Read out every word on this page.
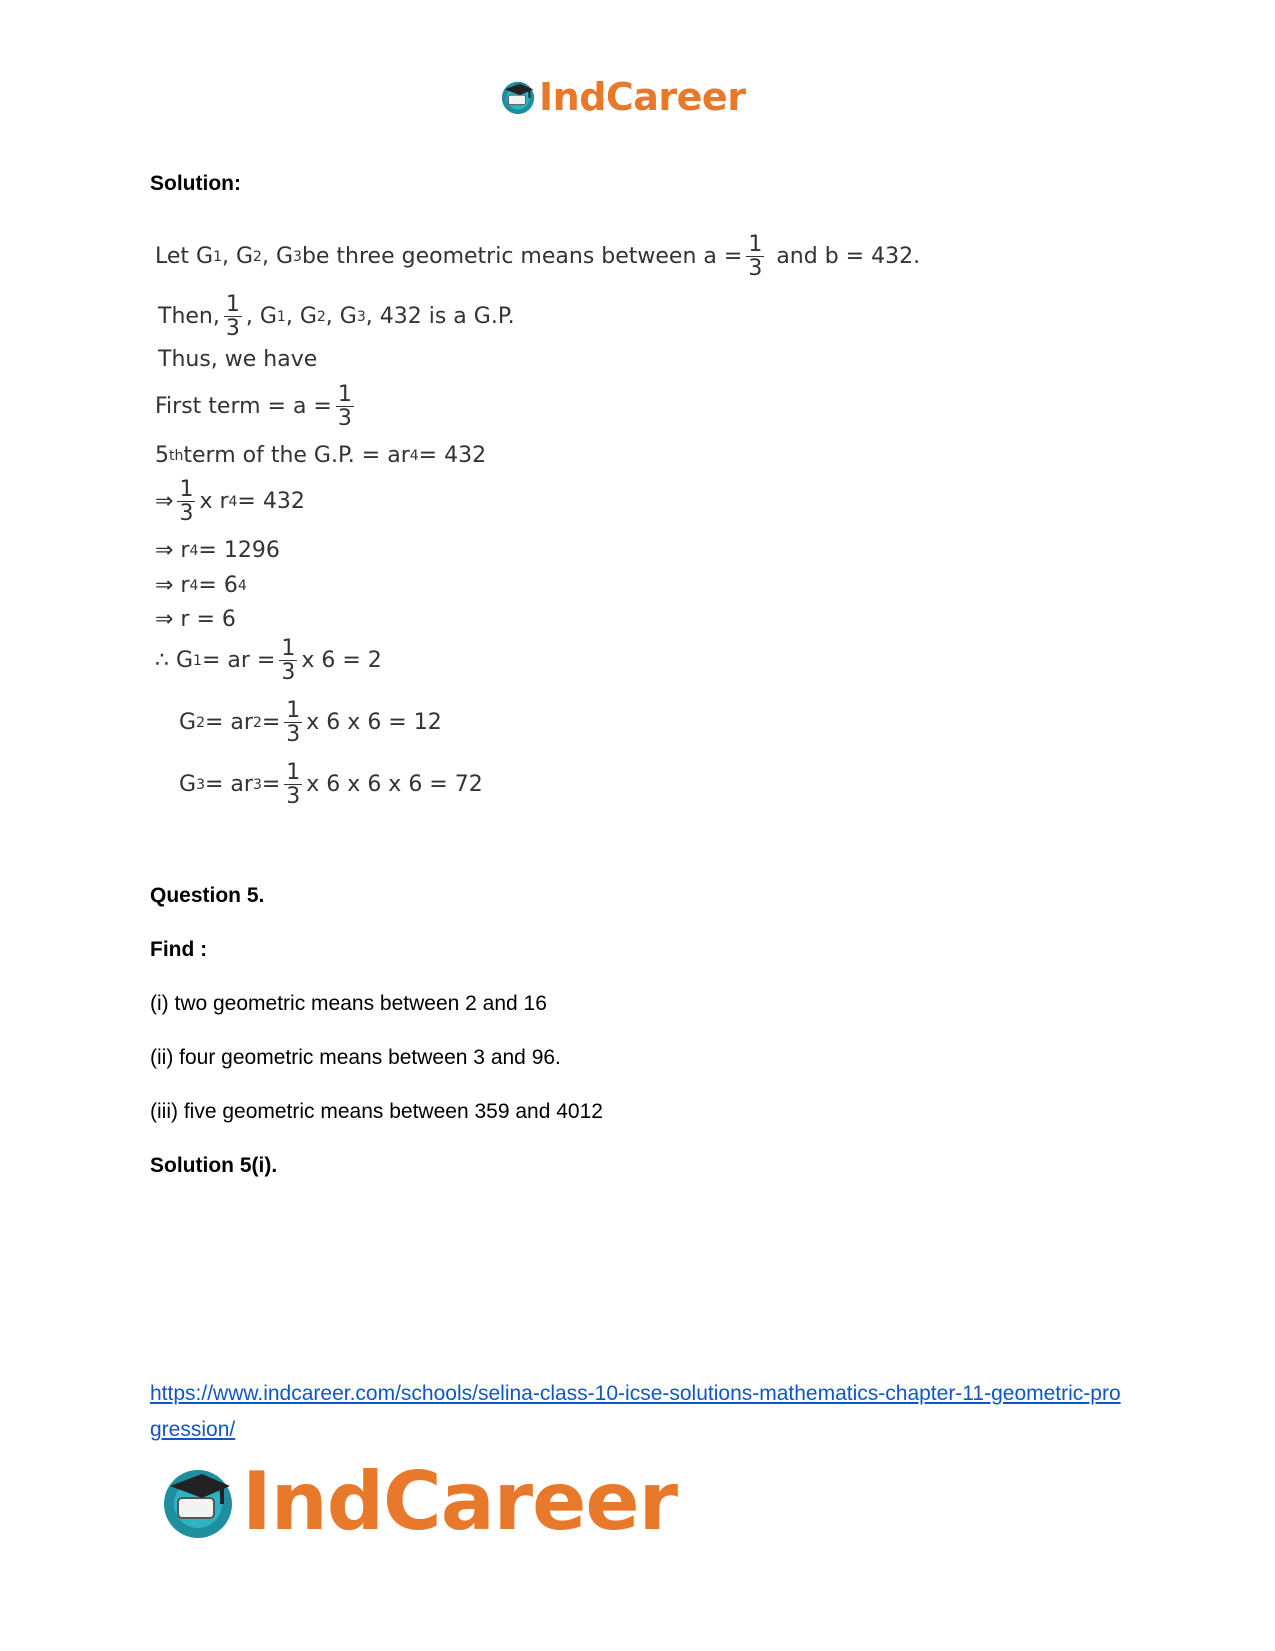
IndCareer
Solution:
Let G 1 , G 2 , G 3 be three geometric means between $a = \frac{1}{3}$ and b = 432.
Then, $\frac{1}{3}$ , G 1 , G 2 , G 3 , 432 is a G.P.
Thus, we have
First term = $a = \frac{1}{3}$
5 th term of the G.P. = ar 4 = 432
⇒ $\frac{1}{3}$ x r 4 = 432
⇒ r 4 = 1296
⇒ r 4 = 6 4
⇒ r = 6
∴ G 1 = ar = $\frac{1}{3}$ x 6 = 2
G 2 = ar $2 = \frac{1}{3}$ x 6 x 6 = 12
G 3 = ar $3 = \frac{1}{3}$ x 6 x 6 x 6 = 72
Question 5.
Find :
(i) two geometric means between 2 and 16
(ii) four geometric means between 3 and 96.
(iii) five geometric means between 359 and 4012
Solution 5(i).
https://www.indcareer.com/schools/selina-class-10-icse-solutions-mathematics-chapter-11-geometric-progression/
IndCareer
